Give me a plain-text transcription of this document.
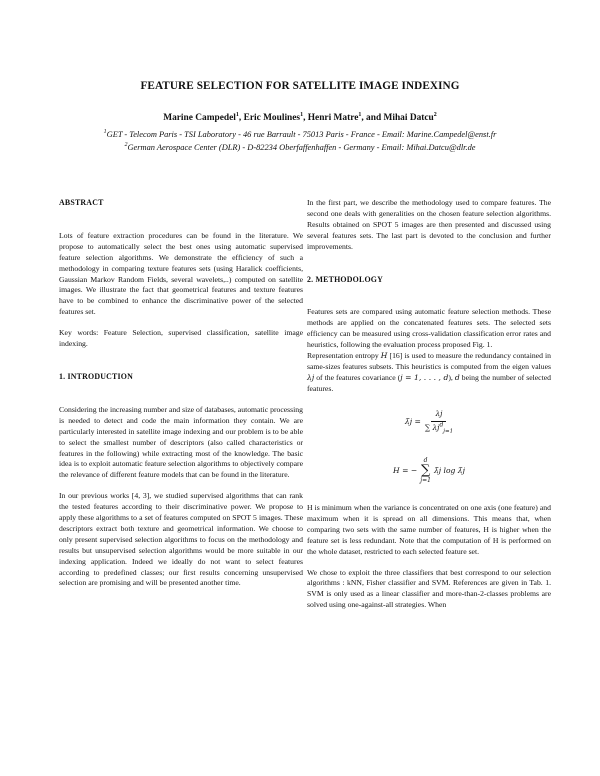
FEATURE SELECTION FOR SATELLITE IMAGE INDEXING
Marine Campedel$^1$, Eric Moulines$^1$, Henri Matre$^1$, and Mihai Datcu$^2$
$^1$GET - Telecom Paris - TSI Laboratory - 46 rue Barrault - 75013 Paris - France - Email: Marine.Campedel@enst.fr
$^2$German Aerospace Center (DLR) - D-82234 Oberfaffenhaffen - Germany - Email: Mihai.Datcu@dlr.de

ABSTRACT

Lots of feature extraction procedures can be found in the literature. We propose to automatically select the best ones using automatic supervised feature selection algorithms. We demonstrate the efficiency of such a methodology in comparing texture features sets (using Haralick coefficients, Gaussian Markov Random Fields, several wavelets,..) computed on satellite images. We illustrate the fact that geometrical features and texture features have to be combined to enhance the discriminative power of the selected features set.

Key words: Feature Selection, supervised classification, satellite image indexing.

1. INTRODUCTION

Considering the increasing number and size of databases, automatic processing is needed to detect and code the main information they contain. We are particularly interested in satellite image indexing and our problem is to be able to select the smallest number of descriptors (also called characteristics or features in the following) while extracting most of the knowledge. The basic idea is to exploit automatic feature selection algorithms to objectively compare the relevance of different feature models that can be found in the literature.

In our previous works [4, 3], we studied supervised algorithms that can rank the tested features according to their discriminative power. We propose to apply these algorithms to a set of features computed on SPOT 5 images. These descriptors extract both texture and geometrical information. We choose to only present supervised selection algorithms to focus on the methodology and results but unsupervised selection algorithms would be more suitable in our indexing application. Indeed we ideally do not want to select features according to predefined classes; our first results concerning unsupervised selection are promising and will be presented another time.

In the first part, we describe the methodology used to compare features. The second one deals with generalities on the chosen feature selection algorithms. Results obtained on SPOT 5 images are then presented and discussed using several features sets. The last part is devoted to the conclusion and further improvements.

2. METHODOLOGY

Features sets are compared using automatic feature selection methods. These methods are applied on the concatenated features sets. The selected sets efficiency can be measured using cross-validation classification error rates and heuristics, following the evaluation process proposed Fig. 1.

Representation entropy H [16] is used to measure the redundancy contained in same-sizes features subsets. This heuristics is computed from the eigen values λj of the features covariance (j = 1, . . . , d), d being the number of selected features.

λ̃j = $\frac{\lambda j}{\sum \lambda j^d_{j=1}}$
H = −
d
∑
j=1
λ̃j log λ̃j

H is minimum when the variance is concentrated on one axis (one feature) and maximum when it is spread on all dimensions. This means that, when comparing two sets with the same number of features, H is higher when the feature set is less redundant. Note that the computation of H is performed on the whole dataset, restricted to each selected feature set.

We chose to exploit the three classifiers that best correspond to our selection algorithms : kNN, Fisher classifier and SVM. References are given in Tab. 1. SVM is only used as a linear classifier and more-than-2-classes problems are solved using one-against-all strategies. When
